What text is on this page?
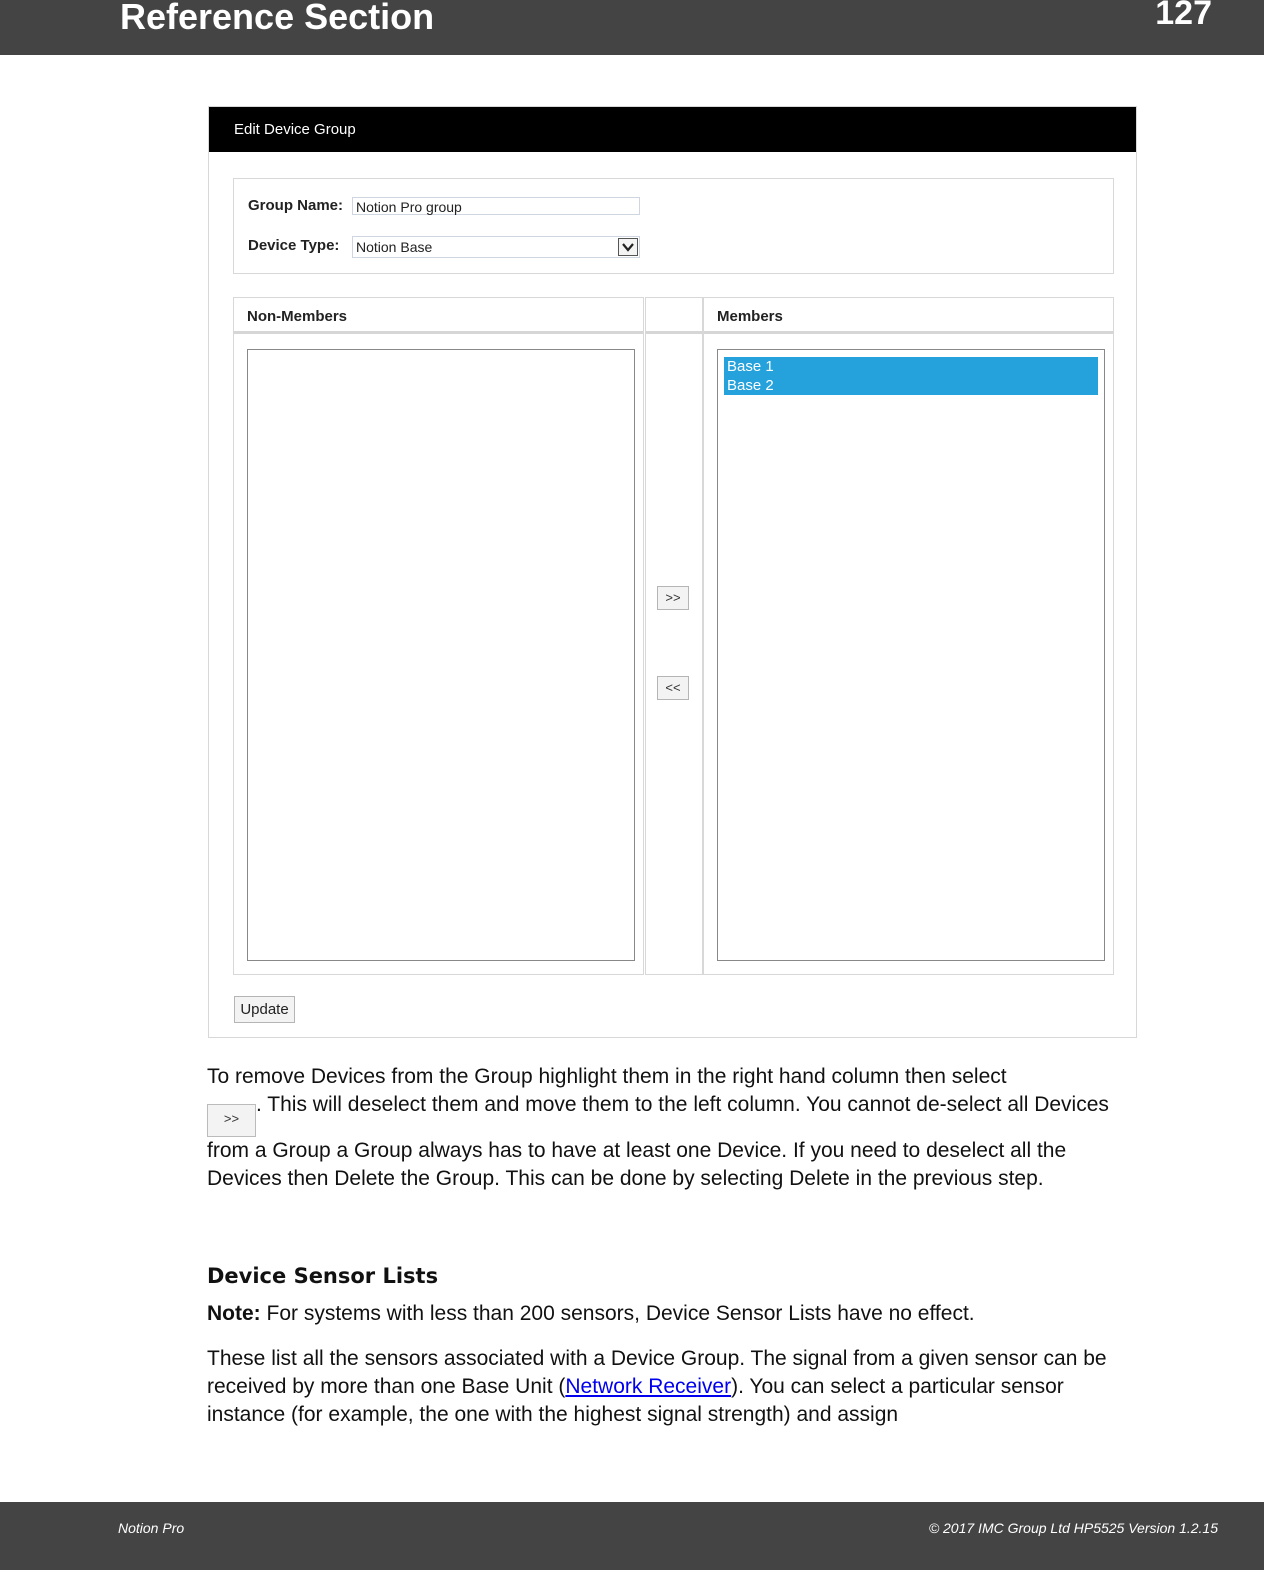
Reference Section	127
Edit Device Group
Group Name: Notion Pro group
Device Type: Notion Base
Non-Members
>>
<<
Members
Base 1
Base 2
Update
To remove Devices from the Group highlight them in the right hand column then select
>>. This will deselect them and move them to the left column. You cannot de-select all Devices from a Group a Group always has to have at least one Device. If you need to deselect all the Devices then Delete the Group. This can be done by selecting Delete in the previous step.
Device Sensor Lists
Note: For systems with less than 200 sensors, Device Sensor Lists have no effect.
These list all the sensors associated with a Device Group. The signal from a given sensor can be received by more than one Base Unit (Network Receiver). You can select a particular sensor instance (for example, the one with the highest signal strength) and assign
Notion Pro	© 2017 IMC Group Ltd HP5525 Version 1.2.15
